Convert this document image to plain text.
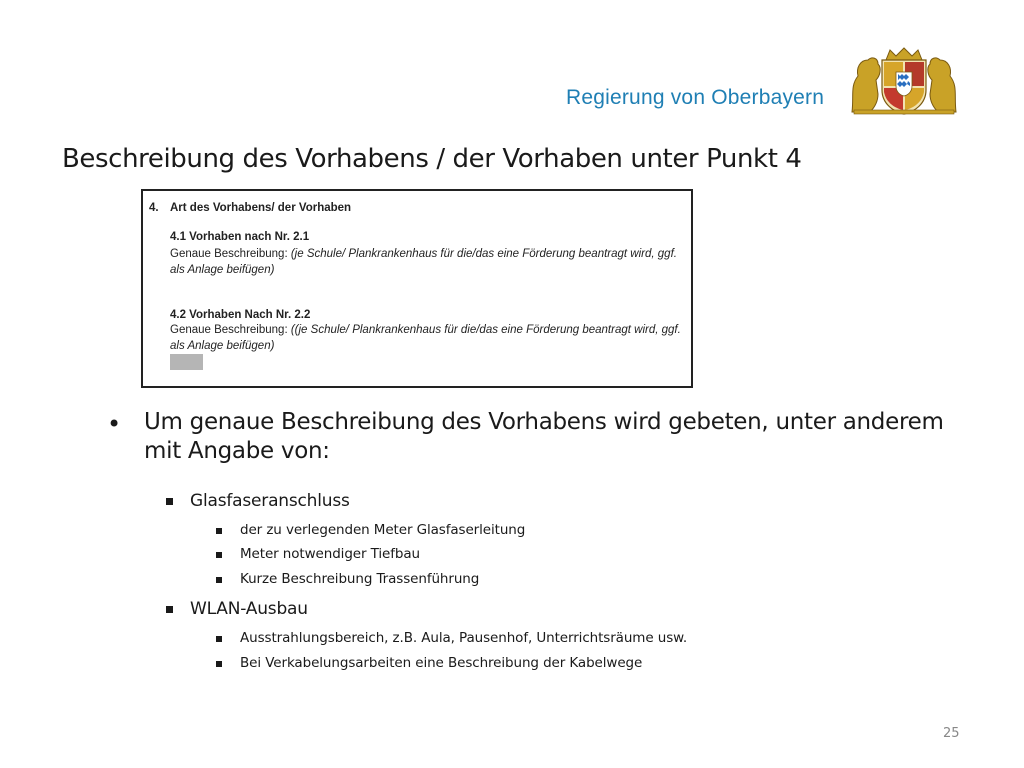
Regierung von Oberbayern
Beschreibung des Vorhabens / der Vorhaben unter Punkt 4
4. Art des Vorhabens/ der Vorhaben
4.1 Vorhaben nach Nr. 2.1
Genaue Beschreibung: (je Schule/ Plankrankenhaus für die/das eine Förderung beantragt wird, ggf.
als Anlage beifügen)
4.2 Vorhaben Nach Nr. 2.2
Genaue Beschreibung: ((je Schule/ Plankrankenhaus für die/das eine Förderung beantragt wird, ggf.
als Anlage beifügen)
• Um genaue Beschreibung des Vorhabens wird gebeten, unter anderem mit Angabe von:
Glasfaseranschluss
der zu verlegenden Meter Glasfaserleitung
Meter notwendiger Tiefbau
Kurze Beschreibung Trassenführung
WLAN-Ausbau
Ausstrahlungsbereich, z.B. Aula, Pausenhof, Unterrichtsräume usw.
Bei Verkabelungsarbeiten eine Beschreibung der Kabelwege
25
